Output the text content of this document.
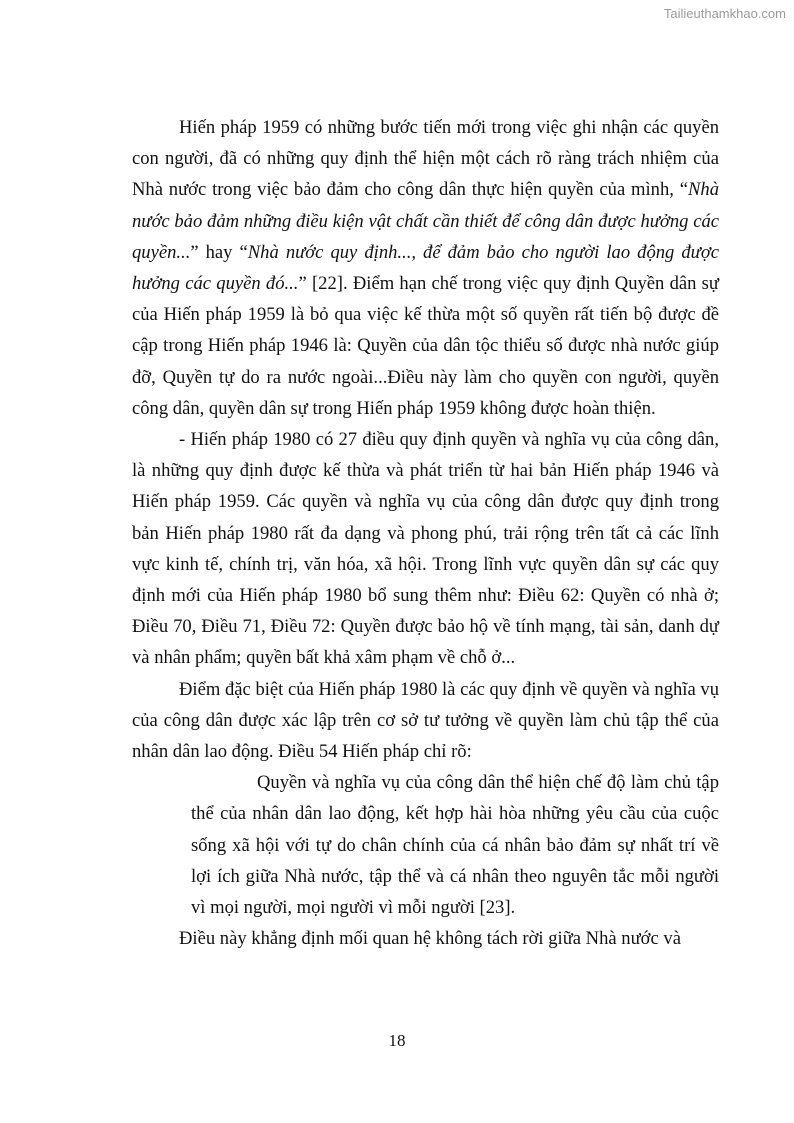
Tailieuthamkhao.com

Hiến pháp 1959 có những bước tiến mới trong việc ghi nhận các quyền con người, đã có những quy định thể hiện một cách rõ ràng trách nhiệm của Nhà nước trong việc bảo đảm cho công dân thực hiện quyền của mình, “Nhà nước bảo đảm những điều kiện vật chất cần thiết để công dân được hưởng các quyền...” hay “Nhà nước quy định..., để đảm bảo cho người lao động được hưởng các quyền đó...” [22]. Điểm hạn chế trong việc quy định Quyền dân sự của Hiến pháp 1959 là bỏ qua việc kế thừa một số quyền rất tiến bộ được đề cập trong Hiến pháp 1946 là: Quyền của dân tộc thiểu số được nhà nước giúp đỡ, Quyền tự do ra nước ngoài...Điều này làm cho quyền con người, quyền công dân, quyền dân sự trong Hiến pháp 1959 không được hoàn thiện.

- Hiến pháp 1980 có 27 điều quy định quyền và nghĩa vụ của công dân, là những quy định được kế thừa và phát triển từ hai bản Hiến pháp 1946 và Hiến pháp 1959. Các quyền và nghĩa vụ của công dân được quy định trong bản Hiến pháp 1980 rất đa dạng và phong phú, trải rộng trên tất cả các lĩnh vực kinh tế, chính trị, văn hóa, xã hội. Trong lĩnh vực quyền dân sự các quy định mới của Hiến pháp 1980 bổ sung thêm như: Điều 62: Quyền có nhà ở; Điều 70, Điều 71, Điều 72: Quyền được bảo hộ về tính mạng, tài sản, danh dự và nhân phẩm; quyền bất khả xâm phạm về chỗ ở...

Điểm đặc biệt của Hiến pháp 1980 là các quy định về quyền và nghĩa vụ của công dân được xác lập trên cơ sở tư tưởng về quyền làm chủ tập thể của nhân dân lao động. Điều 54 Hiến pháp chỉ rõ:

Quyền và nghĩa vụ của công dân thể hiện chế độ làm chủ tập thể của nhân dân lao động, kết hợp hài hòa những yêu cầu của cuộc sống xã hội với tự do chân chính của cá nhân bảo đảm sự nhất trí về lợi ích giữa Nhà nước, tập thể và cá nhân theo nguyên tắc mỗi người vì mọi người, mọi người vì mỗi người [23].

Điều này khẳng định mối quan hệ không tách rời giữa Nhà nước và

18
